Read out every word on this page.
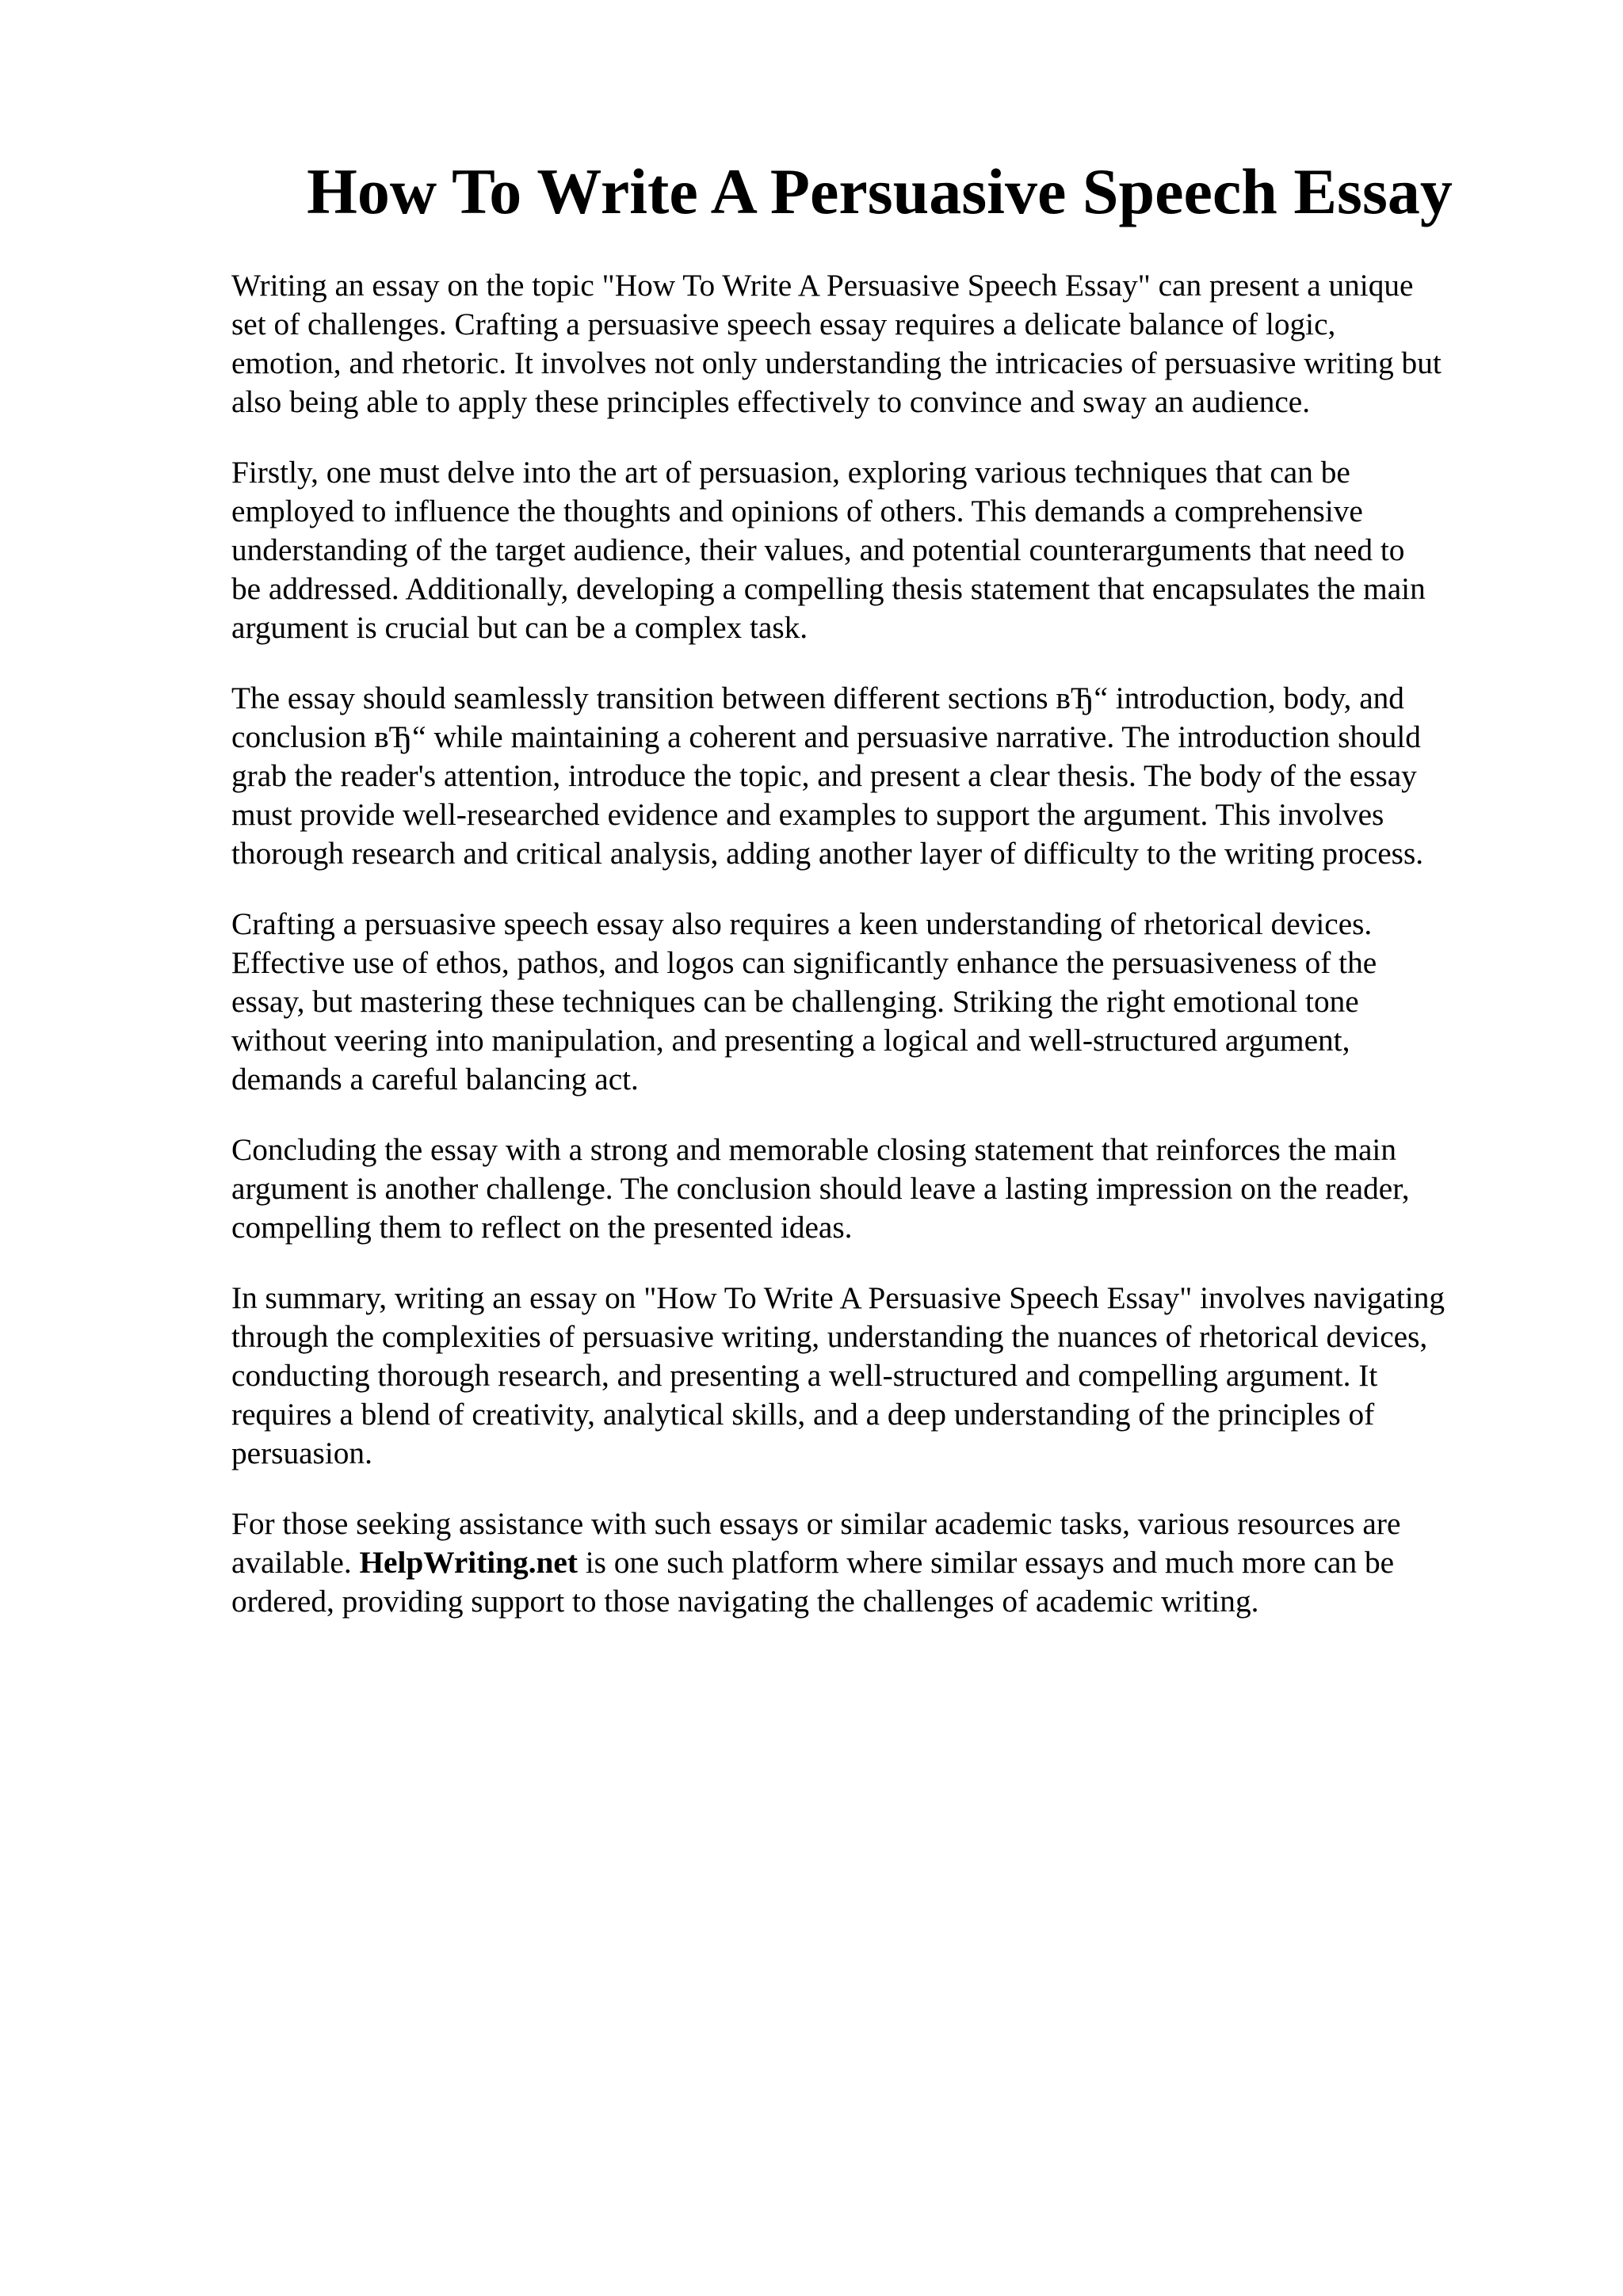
How To Write A Persuasive Speech Essay

Writing an essay on the topic "How To Write A Persuasive Speech Essay" can present a unique
set of challenges. Crafting a persuasive speech essay requires a delicate balance of logic,
emotion, and rhetoric. It involves not only understanding the intricacies of persuasive writing but
also being able to apply these principles effectively to convince and sway an audience.

Firstly, one must delve into the art of persuasion, exploring various techniques that can be
employed to influence the thoughts and opinions of others. This demands a comprehensive
understanding of the target audience, their values, and potential counterarguments that need to
be addressed. Additionally, developing a compelling thesis statement that encapsulates the main
argument is crucial but can be a complex task.

The essay should seamlessly transition between different sections вЂ“ introduction, body, and
conclusion вЂ“ while maintaining a coherent and persuasive narrative. The introduction should
grab the reader's attention, introduce the topic, and present a clear thesis. The body of the essay
must provide well-researched evidence and examples to support the argument. This involves
thorough research and critical analysis, adding another layer of difficulty to the writing process.

Crafting a persuasive speech essay also requires a keen understanding of rhetorical devices.
Effective use of ethos, pathos, and logos can significantly enhance the persuasiveness of the
essay, but mastering these techniques can be challenging. Striking the right emotional tone
without veering into manipulation, and presenting a logical and well-structured argument,
demands a careful balancing act.

Concluding the essay with a strong and memorable closing statement that reinforces the main
argument is another challenge. The conclusion should leave a lasting impression on the reader,
compelling them to reflect on the presented ideas.

In summary, writing an essay on "How To Write A Persuasive Speech Essay" involves navigating
through the complexities of persuasive writing, understanding the nuances of rhetorical devices,
conducting thorough research, and presenting a well-structured and compelling argument. It
requires a blend of creativity, analytical skills, and a deep understanding of the principles of
persuasion.

For those seeking assistance with such essays or similar academic tasks, various resources are
available. HelpWriting.net is one such platform where similar essays and much more can be
ordered, providing support to those navigating the challenges of academic writing.
